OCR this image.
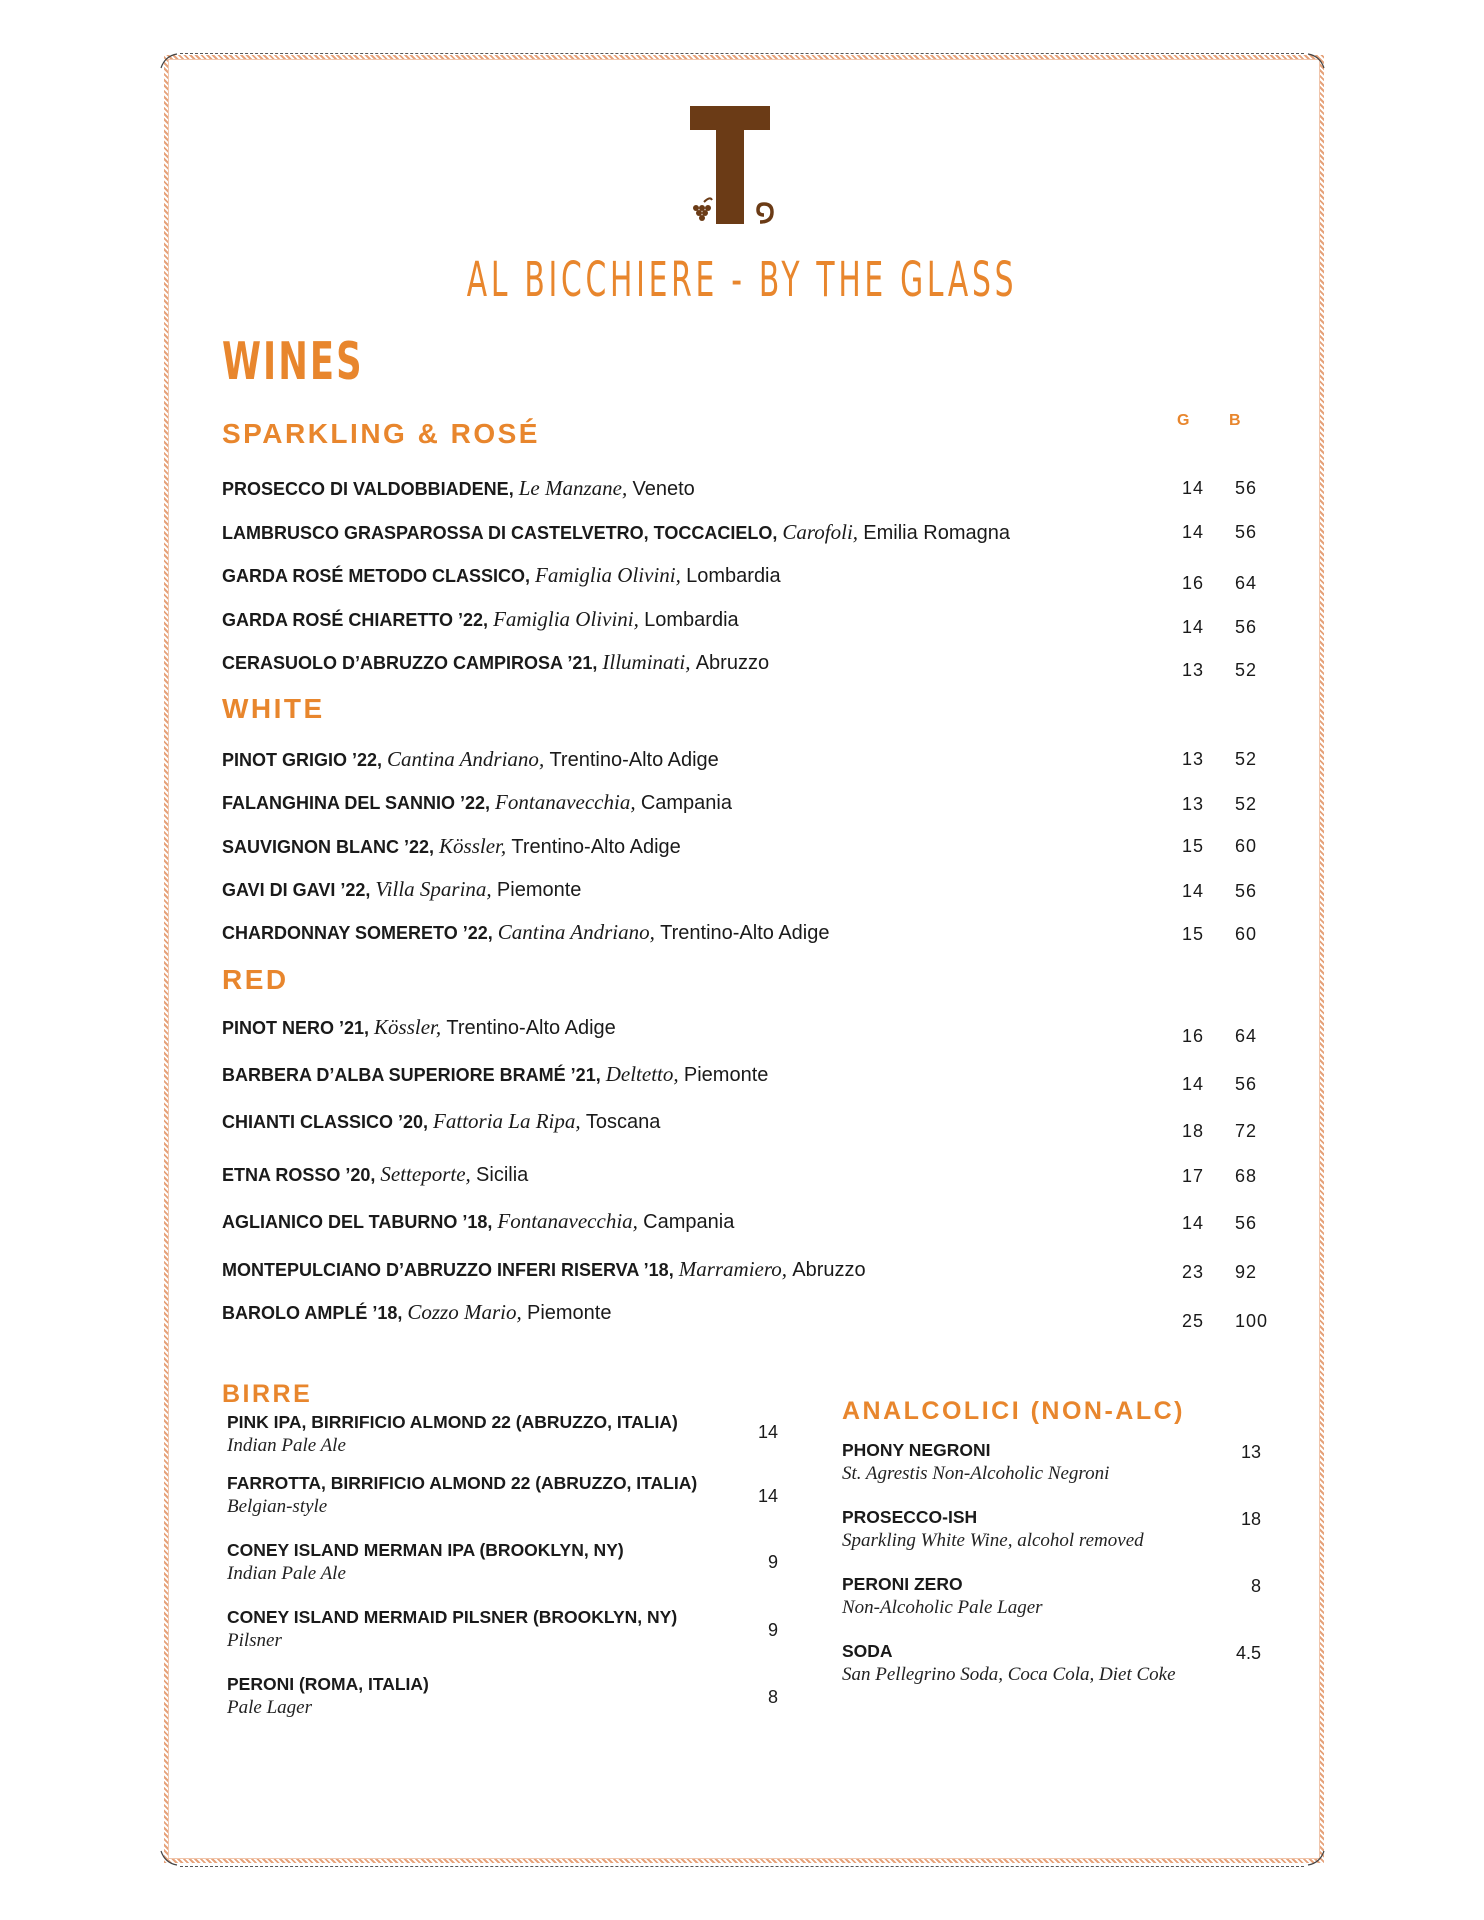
AL BICCHIERE - BY THE GLASS
WINES
G B
SPARKLING & ROSÉ
PROSECCO DI VALDOBBIADENE, Le Manzane, Veneto	14 56
LAMBRUSCO GRASPAROSSA DI CASTELVETRO, TOCCACIELO, Carofoli, Emilia Romagna	14 56
GARDA ROSÉ METODO CLASSICO, Famiglia Olivini, Lombardia	16 64
GARDA ROSÉ CHIARETTO ’22, Famiglia Olivini, Lombardia	14 56
CERASUOLO D’ABRUZZO CAMPIROSA ’21, Illuminati, Abruzzo	13 52
WHITE
PINOT GRIGIO ’22, Cantina Andriano, Trentino-Alto Adige	13 52
FALANGHINA DEL SANNIO ’22, Fontanavecchia, Campania	13 52
SAUVIGNON BLANC ’22, Kössler, Trentino-Alto Adige	15 60
GAVI DI GAVI ’22, Villa Sparina, Piemonte	14 56
CHARDONNAY SOMERETO ’22, Cantina Andriano, Trentino-Alto Adige	15 60
RED
PINOT NERO ’21, Kössler, Trentino-Alto Adige	16 64
BARBERA D’ALBA SUPERIORE BRAMÉ ’21, Deltetto, Piemonte	14 56
CHIANTI CLASSICO ’20, Fattoria La Ripa, Toscana	18 72
ETNA ROSSO ’20, Setteporte, Sicilia	17 68
AGLIANICO DEL TABURNO ’18, Fontanavecchia, Campania	14 56
MONTEPULCIANO D’ABRUZZO INFERI RISERVA ’18, Marramiero, Abruzzo	23 92
BAROLO AMPLÉ ’18, Cozzo Mario, Piemonte	25 100
BIRRE
PINK IPA, BIRRIFICIO ALMOND 22 (ABRUZZO, ITALIA)
Indian Pale Ale
14
FARROTTA, BIRRIFICIO ALMOND 22 (ABRUZZO, ITALIA)
Belgian-style	14
CONEY ISLAND MERMAN IPA (BROOKLYN, NY)
Indian Pale Ale
9
CONEY ISLAND MERMAID PILSNER (BROOKLYN, NY)
Pilsner	9
PERONI (ROMA, ITALIA)
Pale Lager	8
ANALCOLICI (NON-ALC)
PHONY NEGRONI
St. Agrestis Non-Alcoholic Negroni
13
PROSECCO-ISH
Sparkling White Wine, alcohol removed
18
PERONI ZERO
Non-Alcoholic Pale Lager
8
SODA
San Pellegrino Soda, Coca Cola, Diet Coke
4.5
